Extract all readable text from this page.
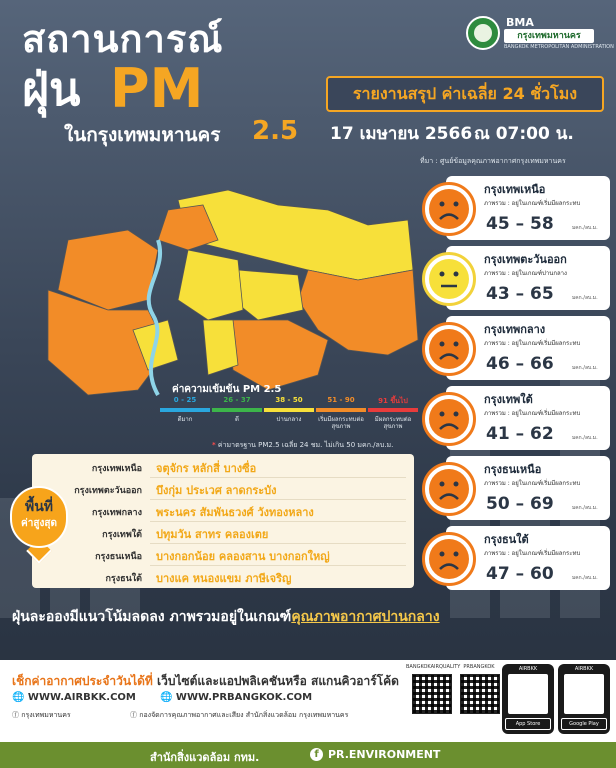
สถานการณ์
ฝุ่น PM
2.5
ในกรุงเทพมหานคร
BMA
กรุงเทพมหานคร
BANGKOK METROPOLITAN ADMINISTRATION
รายงานสรุป ค่าเฉลี่ย 24 ชั่วโมง
17 เมษายน 2566 ณ 07:00 น.
ที่มา : ศูนย์ข้อมูลคุณภาพอากาศกรุงเทพมหานคร
ค่าความเข้มข้น PM 2.5
0 - 25
ดีมาก
26 - 37
ดี
38 - 50
ปานกลาง
51 - 90
เริ่มมีผลกระทบต่อสุขภาพ
91 ขึ้นไป
มีผลกระทบต่อสุขภาพ
* ค่ามาตรฐาน PM2.5 เฉลี่ย 24 ชม. ไม่เกิน 50 มคก./ลบ.ม.
กรุงเทพเหนือ จตุจักร หลักสี่ บางซื่อ
กรุงเทพตะวันออก บึงกุ่ม ประเวศ ลาดกระบัง
กรุงเทพกลาง พระนคร สัมพันธวงศ์ วังทองหลาง
กรุงเทพใต้ ปทุมวัน สาทร คลองเตย
กรุงธนเหนือ บางกอกน้อย คลองสาน บางกอกใหญ่
กรุงธนใต้ บางแค หนองแขม ภาษีเจริญ
พื้นที่
ค่าสูงสุด
กรุงเทพเหนือ
ภาพรวม : อยู่ในเกณฑ์เริ่มมีผลกระทบ
45 – 58	มคก./ลบ.ม.
กรุงเทพตะวันออก
ภาพรวม : อยู่ในเกณฑ์ปานกลาง
43 – 65	มคก./ลบ.ม.
กรุงเทพกลาง
ภาพรวม : อยู่ในเกณฑ์เริ่มมีผลกระทบ
46 – 66	มคก./ลบ.ม.
กรุงเทพใต้
ภาพรวม : อยู่ในเกณฑ์เริ่มมีผลกระทบ
41 – 62	มคก./ลบ.ม.
กรุงธนเหนือ
ภาพรวม : อยู่ในเกณฑ์เริ่มมีผลกระทบ
50 – 69	มคก./ลบ.ม.
กรุงธนใต้
ภาพรวม : อยู่ในเกณฑ์เริ่มมีผลกระทบ
47 – 60	มคก./ลบ.ม.
ฝุ่นละอองมีแนวโน้มลดลง ภาพรวมอยู่ในเกณฑ์คุณภาพอากาศปานกลาง
เช็กค่าอากาศประจำวันได้ที่ เว็บไซต์และแอปพลิเคชันหรือ สแกนคิวอาร์โค้ด
🌐 WWW.AIRBKK.COM 🌐 WWW.PRBANGKOK.COM
ⓕ กรุงเทพมหานคร	ⓕ กองจัดการคุณภาพอากาศและเสียง สำนักสิ่งแวดล้อม กรุงเทพมหานคร
BANGKOKAIRQUALITY PRBANGKOK	AIRBKK
App Store
AIRBKK
Google Play
สำนักสิ่งแวดล้อม กทม.	f PR.ENVIRONMENT
